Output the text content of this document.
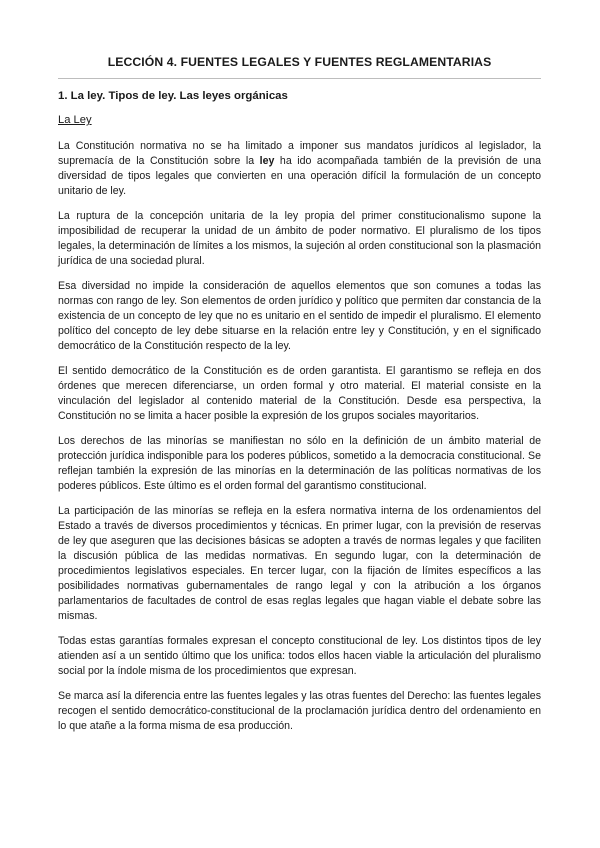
LECCIÓN 4. FUENTES LEGALES Y FUENTES REGLAMENTARIAS
1. La ley. Tipos de ley. Las leyes orgánicas
La Ley

La Constitución normativa no se ha limitado a imponer sus mandatos jurídicos al legislador, la supremacía de la Constitución sobre la ley ha ido acompañada también de la previsión de una diversidad de tipos legales que convierten en una operación difícil la formulación de un concepto unitario de ley.

La ruptura de la concepción unitaria de la ley propia del primer constitucionalismo supone la imposibilidad de recuperar la unidad de un ámbito de poder normativo. El pluralismo de los tipos legales, la determinación de límites a los mismos, la sujeción al orden constitucional son la plasmación jurídica de una sociedad plural.

Esa diversidad no impide la consideración de aquellos elementos que son comunes a todas las normas con rango de ley. Son elementos de orden jurídico y político que permiten dar constancia de la existencia de un concepto de ley que no es unitario en el sentido de impedir el pluralismo. El elemento político del concepto de ley debe situarse en la relación entre ley y Constitución, y en el significado democrático de la Constitución respecto de la ley.

El sentido democrático de la Constitución es de orden garantista. El garantismo se refleja en dos órdenes que merecen diferenciarse, un orden formal y otro material. El material consiste en la vinculación del legislador al contenido material de la Constitución. Desde esa perspectiva, la Constitución no se limita a hacer posible la expresión de los grupos sociales mayoritarios.

Los derechos de las minorías se manifiestan no sólo en la definición de un ámbito material de protección jurídica indisponible para los poderes públicos, sometido a la democracia constitucional. Se reflejan también la expresión de las minorías en la determinación de las políticas normativas de los poderes públicos. Este último es el orden formal del garantismo constitucional.

La participación de las minorías se refleja en la esfera normativa interna de los ordenamientos del Estado a través de diversos procedimientos y técnicas. En primer lugar, con la previsión de reservas de ley que aseguren que las decisiones básicas se adopten a través de normas legales y que faciliten la discusión pública de las medidas normativas. En segundo lugar, con la determinación de procedimientos legislativos especiales. En tercer lugar, con la fijación de límites específicos a las posibilidades normativas gubernamentales de rango legal y con la atribución a los órganos parlamentarios de facultades de control de esas reglas legales que hagan viable el debate sobre las mismas.

Todas estas garantías formales expresan el concepto constitucional de ley. Los distintos tipos de ley atienden así a un sentido último que los unifica: todos ellos hacen viable la articulación del pluralismo social por la índole misma de los procedimientos que expresan.

Se marca así la diferencia entre las fuentes legales y las otras fuentes del Derecho: las fuentes legales recogen el sentido democrático-constitucional de la proclamación jurídica dentro del ordenamiento en lo que atañe a la forma misma de esa producción.
